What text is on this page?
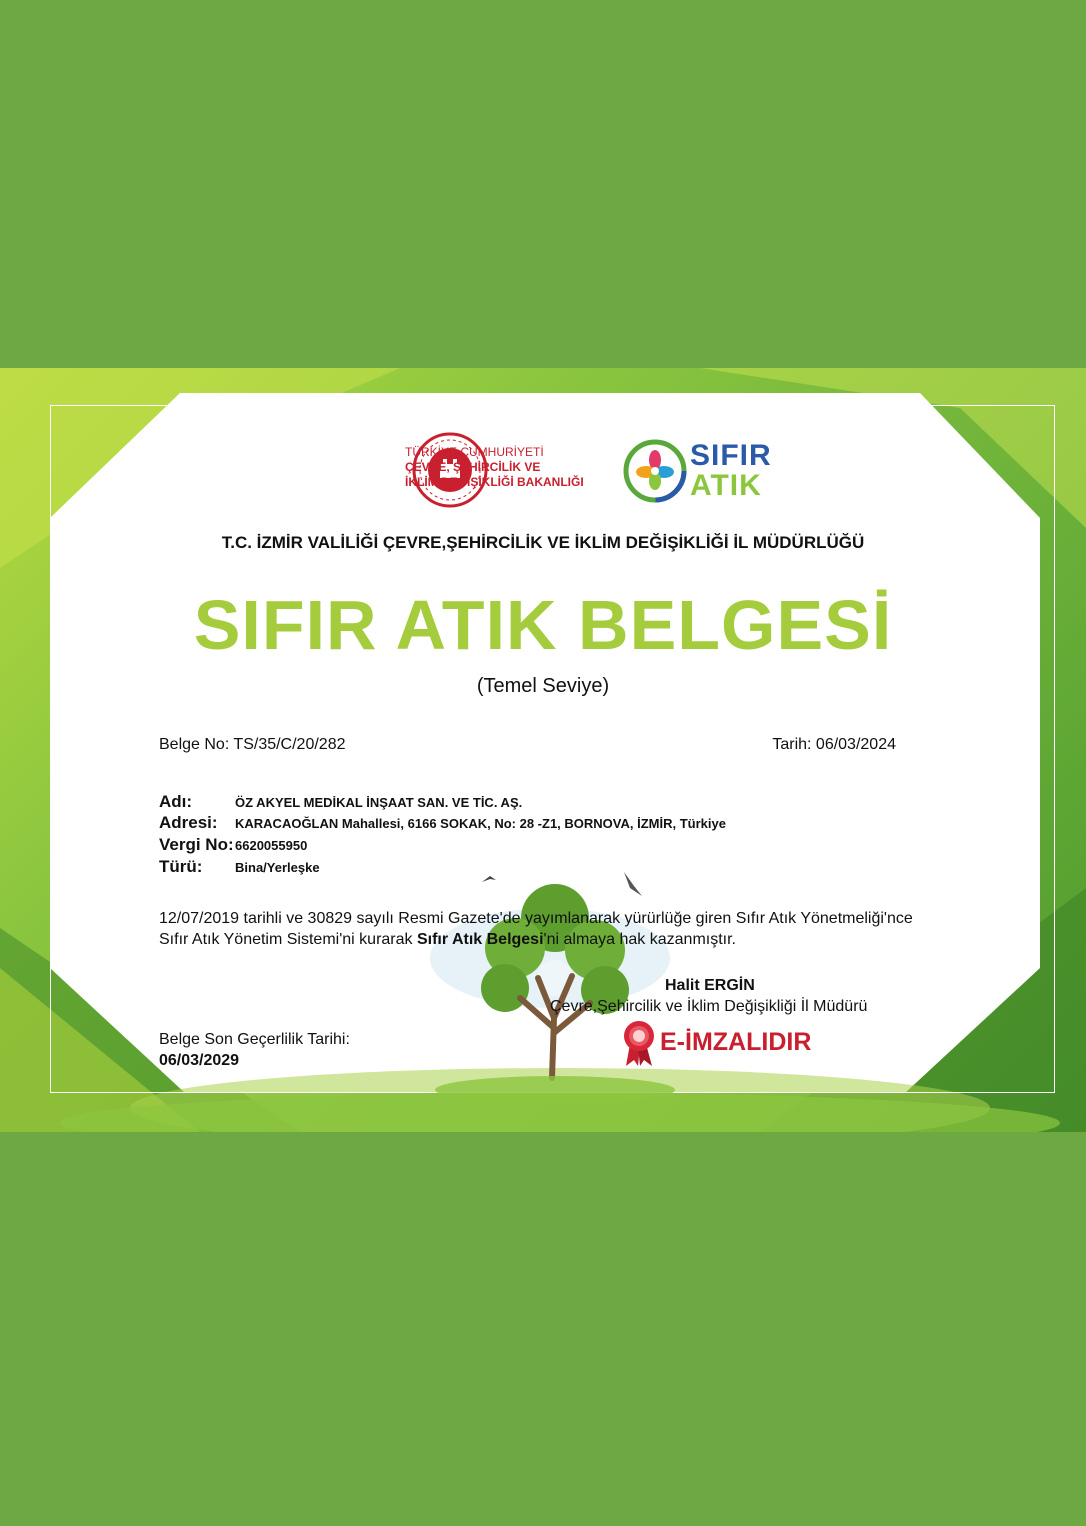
TÜRKİYE CUMHURİYETİ
ÇEVRE, ŞEHİRCİLİK VE
İKLİM DEĞİŞİKLİĞİ BAKANLIĞI
SIFIR
ATIK
T.C. İZMİR VALİLİĞİ ÇEVRE,ŞEHİRCİLİK VE İKLİM DEĞİŞİKLİĞİ İL MÜDÜRLÜĞÜ
SIFIR ATIK BELGESİ
(Temel Seviye)
Belge No: TS/35/C/20/282	Tarih: 06/03/2024
Adı:	ÖZ AKYEL MEDİKAL İNŞAAT SAN. VE TİC. AŞ.
Adresi: KARACAOĞLAN Mahallesi, 6166 SOKAK, No: 28 -Z1, BORNOVA, İZMİR, Türkiye
Vergi No: 6620055950
Türü:	Bina/Yerleşke
12/07/2019 tarihli ve 30829 sayılı Resmi Gazete'de yayımlanarak yürürlüğe giren Sıfır Atık Yönetmeliği'nce Sıfır Atık Yönetim Sistemi'ni kurarak Sıfır Atık Belgesi'ni almaya hak kazanmıştır.
Halit ERGİN
Çevre,Şehircilik ve İklim Değişikliği İl Müdürü
E-İMZALIDIR
Belge Son Geçerlilik Tarihi:
06/03/2029
